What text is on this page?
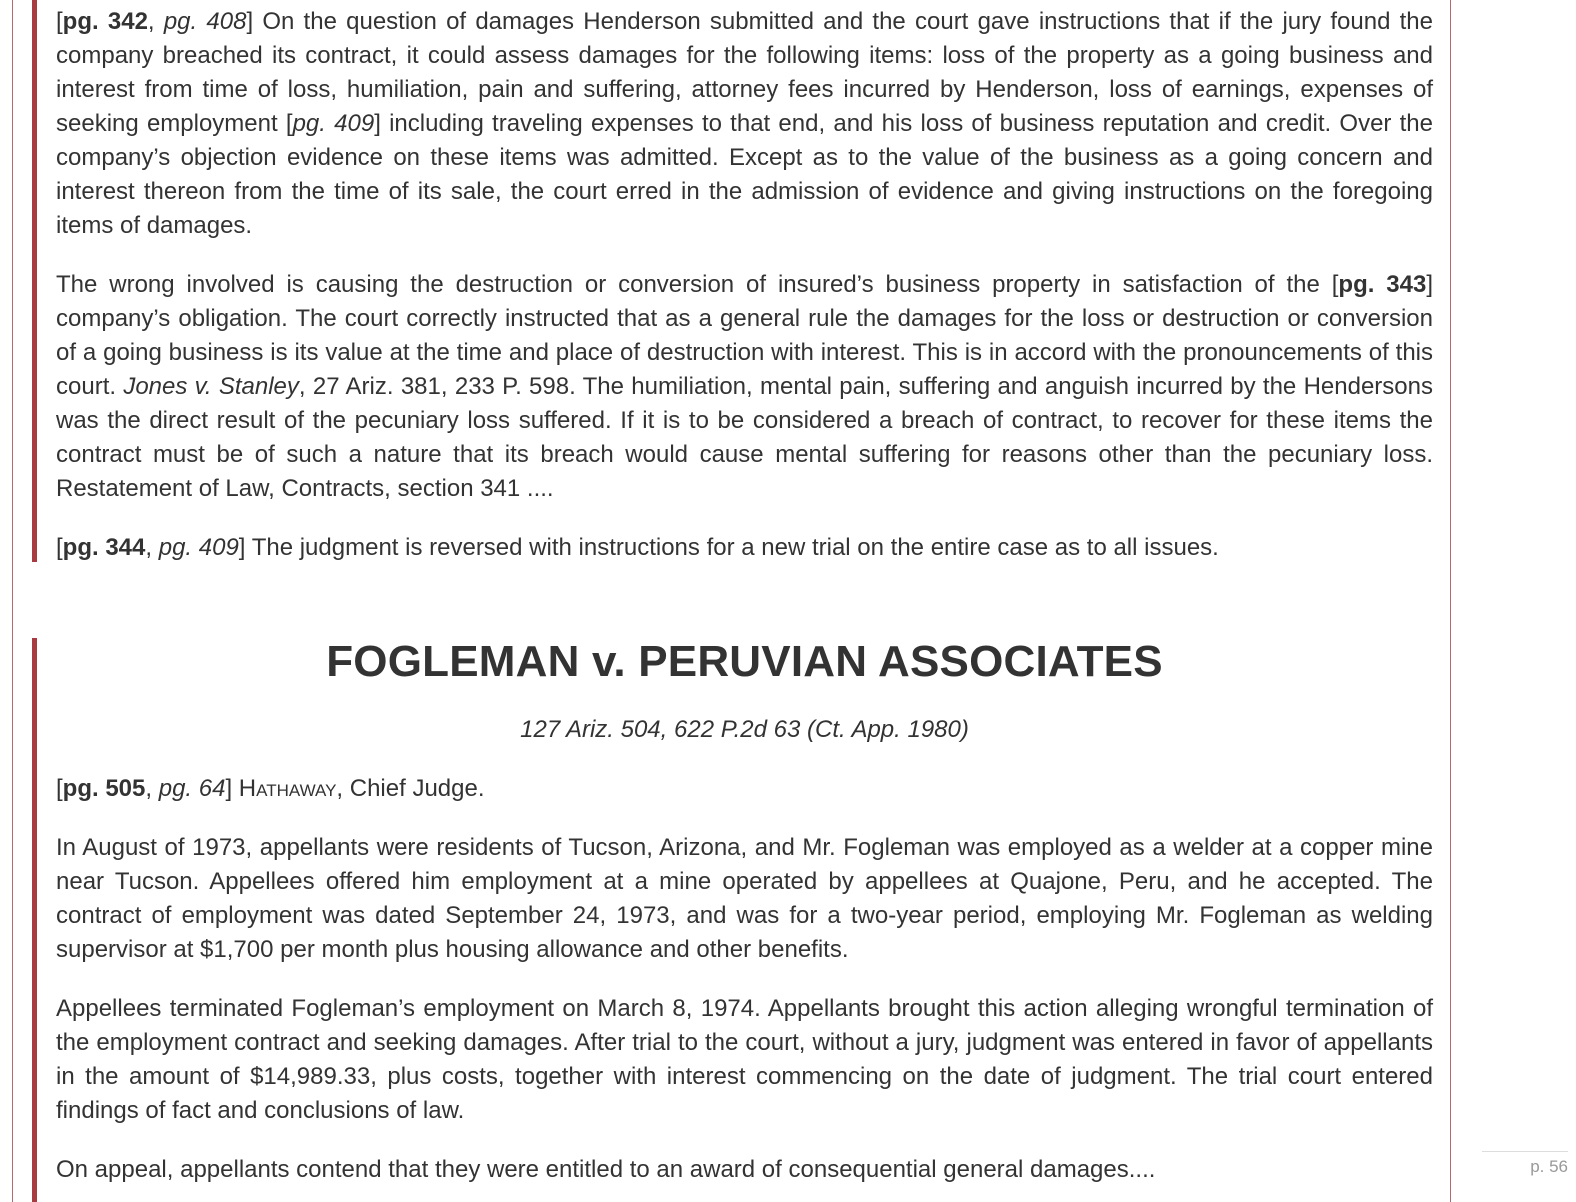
[pg. 342, pg. 408] On the question of damages Henderson submitted and the court gave instructions that if the jury found the company breached its contract, it could assess damages for the following items: loss of the property as a going business and interest from time of loss, humiliation, pain and suffering, attorney fees incurred by Henderson, loss of earnings, expenses of seeking employment [pg. 409] including traveling expenses to that end, and his loss of business reputation and credit. Over the company’s objection evidence on these items was admitted. Except as to the value of the business as a going concern and interest thereon from the time of its sale, the court erred in the admission of evidence and giving instructions on the foregoing items of damages.

The wrong involved is causing the destruction or conversion of insured’s business property in satisfaction of the [pg. 343] company’s obligation. The court correctly instructed that as a general rule the damages for the loss or destruction or conversion of a going business is its value at the time and place of destruction with interest. This is in accord with the pronouncements of this court. Jones v. Stanley, 27 Ariz. 381, 233 P. 598. The humiliation, mental pain, suffering and anguish incurred by the Hendersons was the direct result of the pecuniary loss suffered. If it is to be considered a breach of contract, to recover for these items the contract must be of such a nature that its breach would cause mental suffering for reasons other than the pecuniary loss. Restatement of Law, Contracts, section 341 ....

[pg. 344, pg. 409] The judgment is reversed with instructions for a new trial on the entire case as to all issues.

FOGLEMAN v. PERUVIAN ASSOCIATES
127 Ariz. 504, 622 P.2d 63 (Ct. App. 1980)

[pg. 505, pg. 64] Hathaway, Chief Judge.

In August of 1973, appellants were residents of Tucson, Arizona, and Mr. Fogleman was employed as a welder at a copper mine near Tucson. Appellees offered him employment at a mine operated by appellees at Quajone, Peru, and he accepted. The contract of employment was dated September 24, 1973, and was for a two-year period, employing Mr. Fogleman as welding supervisor at $1,700 per month plus housing allowance and other benefits.

Appellees terminated Fogleman’s employment on March 8, 1974. Appellants brought this action alleging wrongful termination of the employment contract and seeking damages. After trial to the court, without a jury, judgment was entered in favor of appellants in the amount of $14,989.33, plus costs, together with interest commencing on the date of judgment. The trial court entered findings of fact and conclusions of law.

On appeal, appellants contend that they were entitled to an award of consequential general damages....	p. 56
